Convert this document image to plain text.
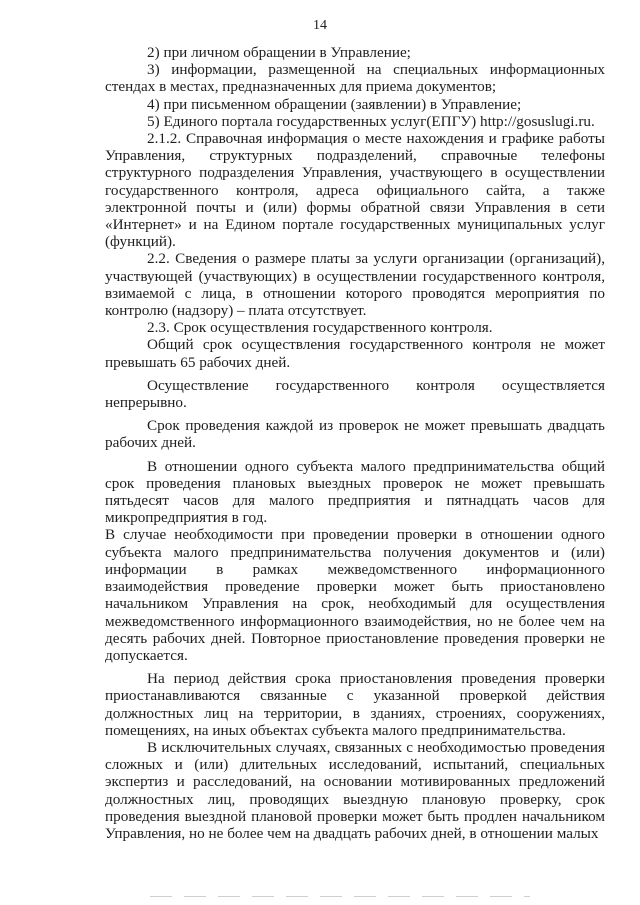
14

2) при личном обращении в Управление;

3) информации, размещенной на специальных информационных стендах в местах, предназначенных для приема документов;

4) при письменном обращении (заявлении) в Управление;

5) Единого портала государственных услуг(ЕПГУ) http://gosuslugi.ru.

2.1.2. Справочная информация о месте нахождения и графике работы Управления, структурных подразделений, справочные телефоны структурного подразделения Управления, участвующего в осуществлении государственного контроля, адреса официального сайта, а также электронной почты и (или) формы обратной связи Управления в сети «Интернет» и на Едином портале государственных муниципальных услуг (функций).

2.2. Сведения о размере платы за услуги организации (организаций), участвующей (участвующих) в осуществлении государственного контроля, взимаемой с лица, в отношении которого проводятся мероприятия по контролю (надзору) – плата отсутствует.

2.3. Срок осуществления государственного контроля.

Общий срок осуществления государственного контроля не может превышать 65 рабочих дней.

Осуществление государственного контроля осуществляется непрерывно.

Срок проведения каждой из проверок не может превышать двадцать рабочих дней.

В отношении одного субъекта малого предпринимательства общий срок проведения плановых выездных проверок не может превышать пятьдесят часов для малого предприятия и пятнадцать часов для микропредприятия в год.

В случае необходимости при проведении проверки в отношении одного субъекта малого предпринимательства получения документов и (или) информации в рамках межведомственного информационного взаимодействия проведение проверки может быть приостановлено начальником Управления на срок, необходимый для осуществления межведомственного информационного взаимодействия, но не более чем на десять рабочих дней. Повторное приостановление проведения проверки не допускается.

На период действия срока приостановления проведения проверки приостанавливаются связанные с указанной проверкой действия должностных лиц на территории, в зданиях, строениях, сооружениях, помещениях, на иных объектах субъекта малого предпринимательства.

В исключительных случаях, связанных с необходимостью проведения сложных и (или) длительных исследований, испытаний, специальных экспертиз и расследований, на основании мотивированных предложений должностных лиц, проводящих выездную плановую проверку, срок проведения выездной плановой проверки может быть продлен начальником Управления, но не более чем на двадцать рабочих дней, в отношении малых
